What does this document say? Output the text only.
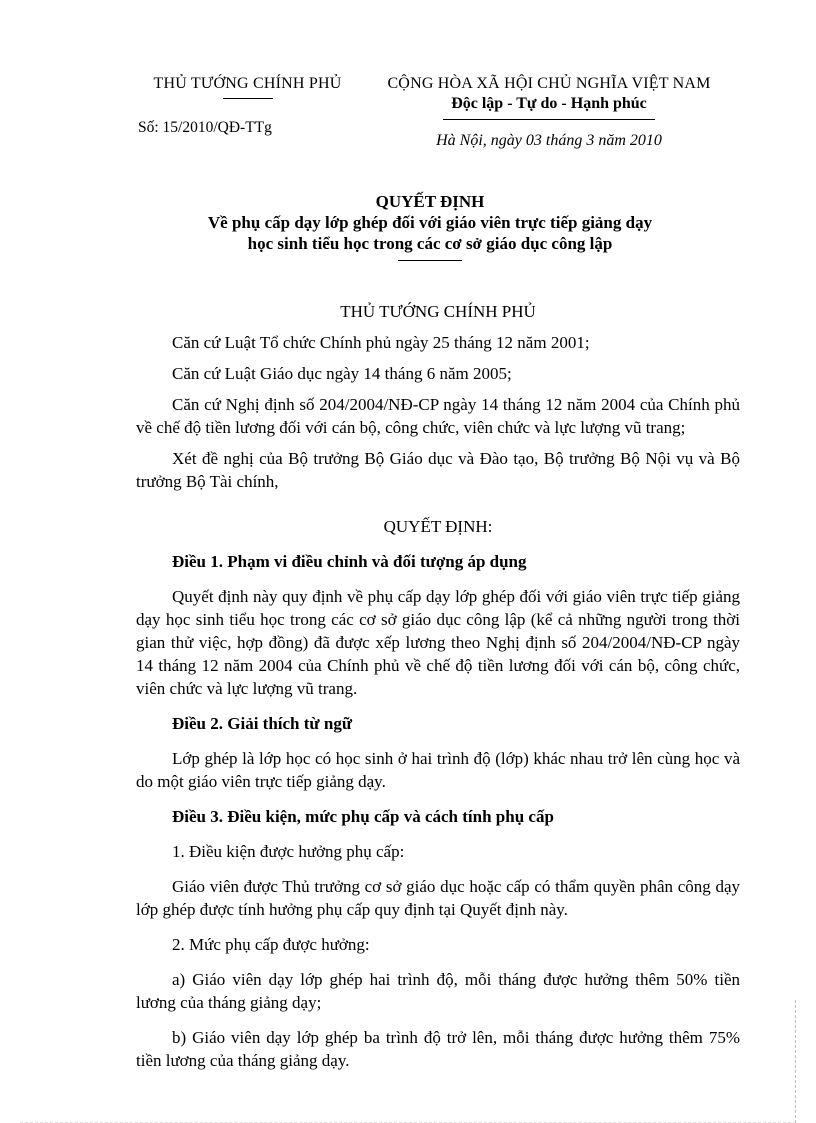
THỦ TƯỚNG CHÍNH PHỦ
Số: 15/2010/QĐ-TTg
CỘNG HÒA XÃ HỘI CHỦ NGHĨA VIỆT NAM
Độc lập - Tự do - Hạnh phúc
Hà Nội, ngày 03 tháng 3 năm 2010
QUYẾT ĐỊNH
Về phụ cấp dạy lớp ghép đối với giáo viên trực tiếp giảng dạy
học sinh tiểu học trong các cơ sở giáo dục công lập

THỦ TƯỚNG CHÍNH PHỦ

Căn cứ Luật Tổ chức Chính phủ ngày 25 tháng 12 năm 2001;

Căn cứ Luật Giáo dục ngày 14 tháng 6 năm 2005;

Căn cứ Nghị định số 204/2004/NĐ-CP ngày 14 tháng 12 năm 2004 của Chính phủ về chế độ tiền lương đối với cán bộ, công chức, viên chức và lực lượng vũ trang;

Xét đề nghị của Bộ trưởng Bộ Giáo dục và Đào tạo, Bộ trưởng Bộ Nội vụ và Bộ trưởng Bộ Tài chính,

QUYẾT ĐỊNH:

Điều 1. Phạm vi điều chỉnh và đối tượng áp dụng

Quyết định này quy định về phụ cấp dạy lớp ghép đối với giáo viên trực tiếp giảng dạy học sinh tiểu học trong các cơ sở giáo dục công lập (kể cả những người trong thời gian thử việc, hợp đồng) đã được xếp lương theo Nghị định số 204/2004/NĐ-CP ngày 14 tháng 12 năm 2004 của Chính phủ về chế độ tiền lương đối với cán bộ, công chức, viên chức và lực lượng vũ trang.

Điều 2. Giải thích từ ngữ

Lớp ghép là lớp học có học sinh ở hai trình độ (lớp) khác nhau trở lên cùng học và do một giáo viên trực tiếp giảng dạy.

Điều 3. Điều kiện, mức phụ cấp và cách tính phụ cấp

1. Điều kiện được hưởng phụ cấp:

Giáo viên được Thủ trưởng cơ sở giáo dục hoặc cấp có thẩm quyền phân công dạy lớp ghép được tính hưởng phụ cấp quy định tại Quyết định này.

2. Mức phụ cấp được hưởng:

a) Giáo viên dạy lớp ghép hai trình độ, mỗi tháng được hưởng thêm 50% tiền lương của tháng giảng dạy;

b) Giáo viên dạy lớp ghép ba trình độ trở lên, mỗi tháng được hưởng thêm 75% tiền lương của tháng giảng dạy.
